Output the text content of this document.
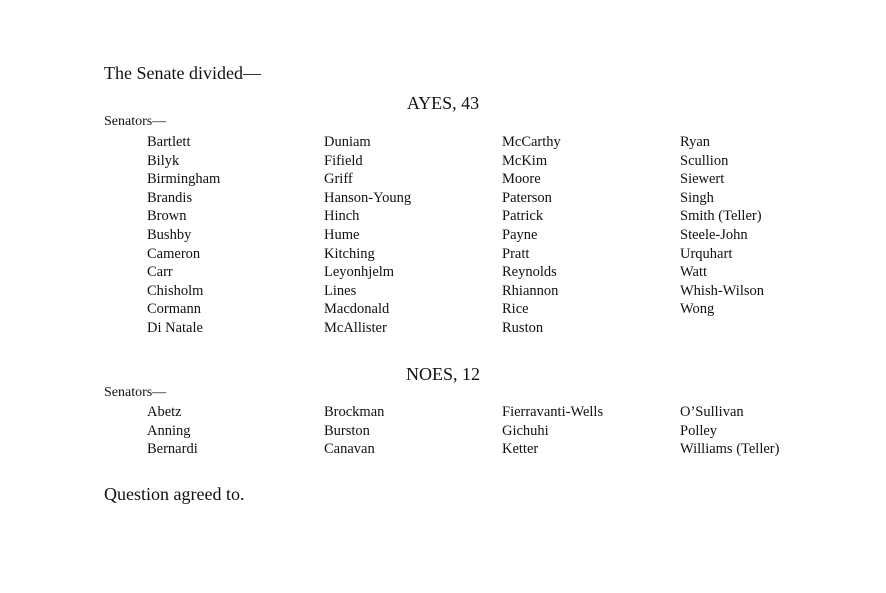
The Senate divided—
AYES, 43
Senators—
Bartlett
Bilyk
Birmingham
Brandis
Brown
Bushby
Cameron
Carr
Chisholm
Cormann
Di Natale
Duniam
Fifield
Griff
Hanson-Young
Hinch
Hume
Kitching
Leyonhjelm
Lines
Macdonald
McAllister
McCarthy
McKim
Moore
Paterson
Patrick
Payne
Pratt
Reynolds
Rhiannon
Rice
Ruston
Ryan
Scullion
Siewert
Singh
Smith (Teller)
Steele-John
Urquhart
Watt
Whish-Wilson
Wong
NOES, 12
Senators—
Abetz
Anning
Bernardi
Brockman
Burston
Canavan
Fierravanti-Wells
Gichuhi
Ketter
O’Sullivan
Polley
Williams (Teller)
Question agreed to.
